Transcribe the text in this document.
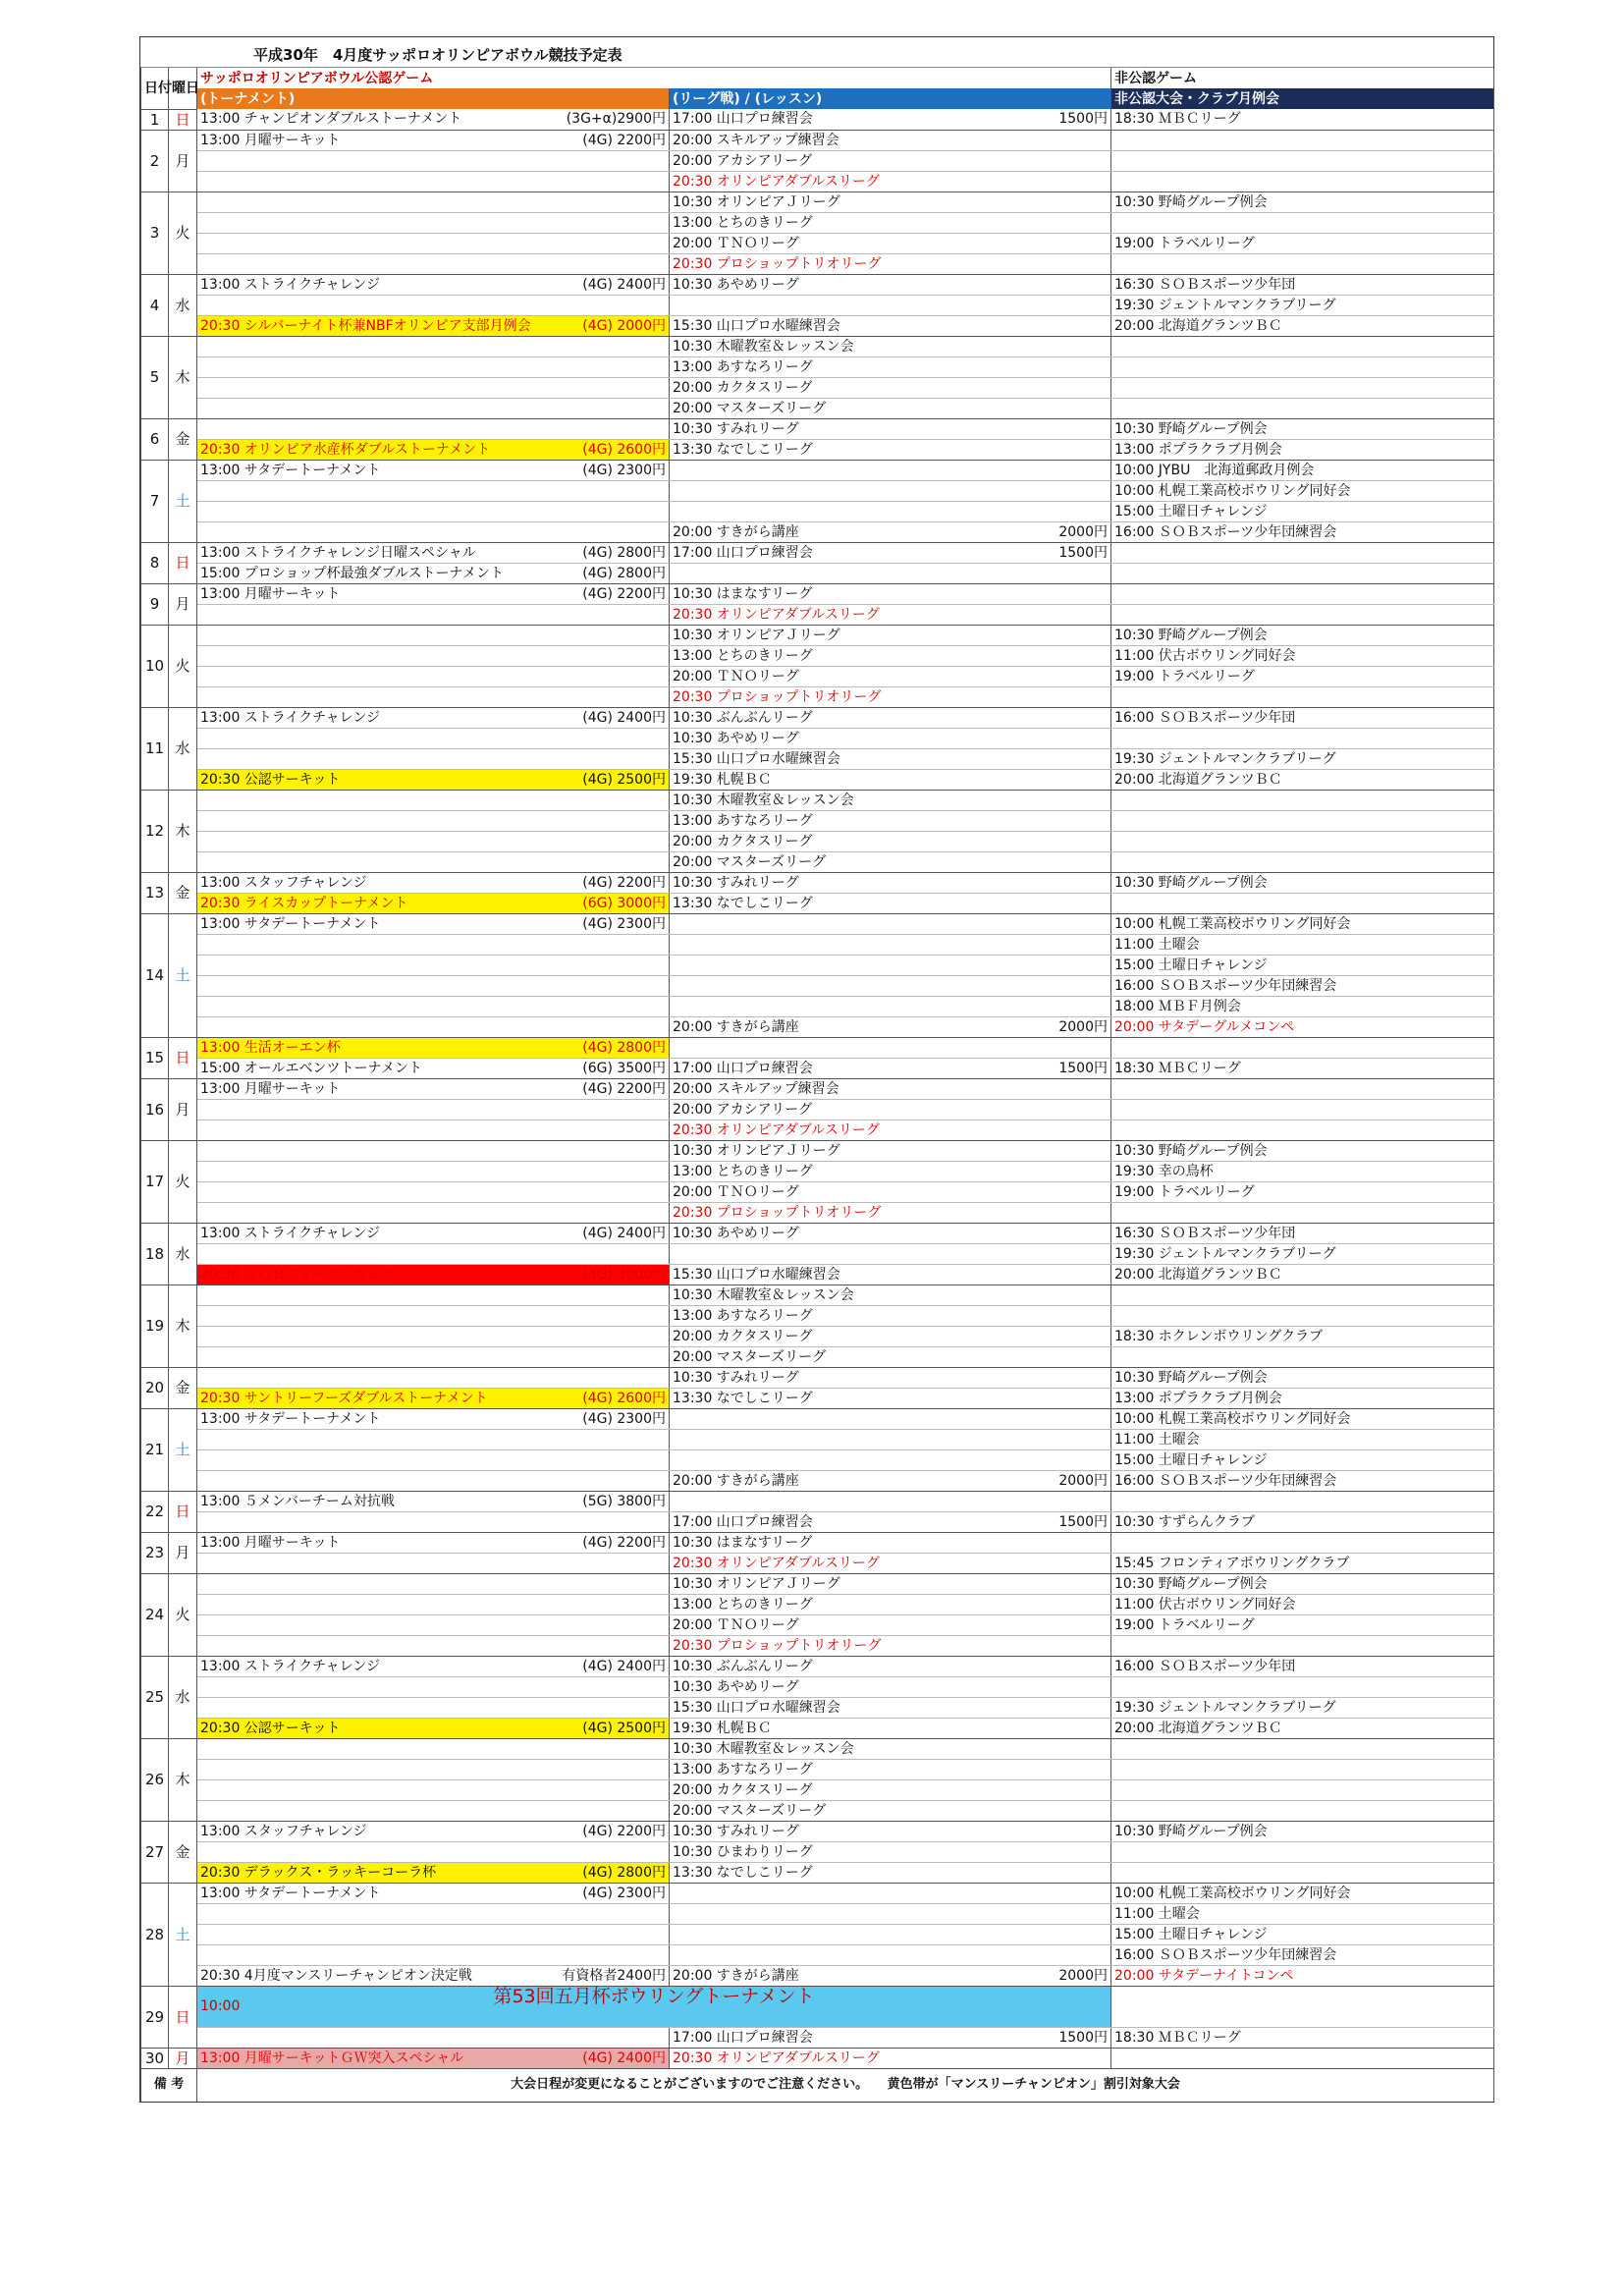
平成30年　4月度サッポロオリンピアボウル競技予定表
日付	曜日	サッポロオリンピアボウル公認ゲーム		非公認ゲーム
		(トーナメント)	(リーグ戦) / (レッスン)	非公認大会・クラブ月例会
1	日	13:00 チャンピオンダブルストーナメント (3G+α)2900円	17:00 山口プロ練習会 1500円	18:30 ＭＢＣリーグ

2	月	13:00 月曜サーキット (4G) 2200円	20:00 スキルアップ練習会	

			20:00 アカシアリーグ	

			20:30 オリンピアダブルスリーグ	

3	火		10:30 オリンピアＪリーグ	10:30 野崎グループ例会

			13:00 とちのきリーグ	

			20:00 ＴＮＯリーグ	19:00 トラベルリーグ

			20:30 プロショップトリオリーグ	

4	水	13:00 ストライクチャレンジ (4G) 2400円	10:30 あやめリーグ	16:30 ＳＯＢスポーツ少年団

				19:30 ジェントルマンクラブリーグ

		20:30 シルバーナイト杯兼NBFオリンピア支部月例会 (4G) 2000円	15:30 山口プロ水曜練習会	20:00 北海道グランツＢＣ

5	木		10:30 木曜教室＆レッスン会	

			13:00 あすなろリーグ	

			20:00 カクタスリーグ	

			20:00 マスターズリーグ	

6	金		10:30 すみれリーグ	10:30 野崎グループ例会

		20:30 オリンピア水産杯ダブルストーナメント (4G) 2600円	13:30 なでしこリーグ	13:00 ポプラクラブ月例会

7	土	13:00 サタデートーナメント (4G) 2300円		10:00 JYBU　北海道郵政月例会

				10:00 札幌工業高校ボウリング同好会

				15:00 土曜日チャレンジ

			20:00 すきがら講座 2000円	16:00 ＳＯＢスポーツ少年団練習会

8	日	13:00 ストライクチャレンジ日曜スペシャル (4G) 2800円	17:00 山口プロ練習会 1500円	

		15:00 プロショップ杯最強ダブルストーナメント (4G) 2800円		

9	月	13:00 月曜サーキット (4G) 2200円	10:30 はまなすリーグ	

			20:30 オリンピアダブルスリーグ	

10	火		10:30 オリンピアＪリーグ	10:30 野崎グループ例会

			13:00 とちのきリーグ	11:00 伏古ボウリング同好会

			20:00 ＴＮＯリーグ	19:00 トラベルリーグ

			20:30 プロショップトリオリーグ	

11	水	13:00 ストライクチャレンジ (4G) 2400円	10:30 ぶんぶんリーグ	16:00 ＳＯＢスポーツ少年団

			10:30 あやめリーグ	

			15:30 山口プロ水曜練習会	19:30 ジェントルマンクラブリーグ

		20:30 公認サーキット (4G) 2500円	19:30 札幌ＢＣ	20:00 北海道グランツＢＣ

12	木		10:30 木曜教室＆レッスン会	

			13:00 あすなろリーグ	

			20:00 カクタスリーグ	

			20:00 マスターズリーグ	

13	金	13:00 スタッフチャレンジ (4G) 2200円	10:30 すみれリーグ	10:30 野崎グループ例会

		20:30 ライスカップトーナメント (6G) 3000円	13:30 なでしこリーグ	

14	土	13:00 サタデートーナメント (4G) 2300円		10:00 札幌工業高校ボウリング同好会

				11:00 土曜会

				15:00 土曜日チャレンジ

				16:00 ＳＯＢスポーツ少年団練習会

				18:00 ＭＢＦ月例会

			20:00 すきがら講座 2000円	20:00 サタデーグルメコンペ

15	日	13:00 生活オーエン杯 (4G) 2800円		

		15:00 オールエベンツトーナメント (6G) 3500円	17:00 山口プロ練習会 1500円	18:30 ＭＢＣリーグ

16	月	13:00 月曜サーキット (4G) 2200円	20:00 スキルアップ練習会	

			20:00 アカシアリーグ	

			20:30 オリンピアダブルスリーグ	

17	火		10:30 オリンピアＪリーグ	10:30 野崎グループ例会

			13:00 とちのきリーグ	19:30 幸の鳥杯

			20:00 ＴＮＯリーグ	19:00 トラベルリーグ

			20:30 プロショップトリオリーグ	

18	水	13:00 ストライクチャレンジ (4G) 2400円	10:30 あやめリーグ	16:30 ＳＯＢスポーツ少年団

				19:30 ジェントルマンクラブリーグ

		20:30 ＳＯＢフォーメンカップ (4G) 3000円	15:30 山口プロ水曜練習会	20:00 北海道グランツＢＣ

19	木		10:30 木曜教室＆レッスン会	

			13:00 あすなろリーグ	

			20:00 カクタスリーグ	18:30 ホクレンボウリングクラブ

			20:00 マスターズリーグ	

20	金		10:30 すみれリーグ	10:30 野崎グループ例会

		20:30 サントリーフーズダブルストーナメント (4G) 2600円	13:30 なでしこリーグ	13:00 ポプラクラブ月例会

21	土	13:00 サタデートーナメント (4G) 2300円		10:00 札幌工業高校ボウリング同好会

				11:00 土曜会

				15:00 土曜日チャレンジ

			20:00 すきがら講座 2000円	16:00 ＳＯＢスポーツ少年団練習会

22	日	13:00 ５メンバーチーム対抗戦 (5G) 3800円		

			17:00 山口プロ練習会 1500円	10:30 すずらんクラブ

23	月	13:00 月曜サーキット (4G) 2200円	10:30 はまなすリーグ	

			20:30 オリンピアダブルスリーグ	15:45 フロンティアボウリングクラブ

24	火		10:30 オリンピアＪリーグ	10:30 野崎グループ例会

			13:00 とちのきリーグ	11:00 伏古ボウリング同好会

			20:00 ＴＮＯリーグ	19:00 トラベルリーグ

			20:30 プロショップトリオリーグ	

25	水	13:00 ストライクチャレンジ (4G) 2400円	10:30 ぶんぶんリーグ	16:00 ＳＯＢスポーツ少年団

			10:30 あやめリーグ	

			15:30 山口プロ水曜練習会	19:30 ジェントルマンクラブリーグ

		20:30 公認サーキット (4G) 2500円	19:30 札幌ＢＣ	20:00 北海道グランツＢＣ

26	木		10:30 木曜教室＆レッスン会	

			13:00 あすなろリーグ	

			20:00 カクタスリーグ	

			20:00 マスターズリーグ	

27	金	13:00 スタッフチャレンジ (4G) 2200円	10:30 すみれリーグ	10:30 野崎グループ例会

			10:30 ひまわりリーグ	

		20:30 デラックス・ラッキーコーラ杯 (4G) 2800円	13:30 なでしこリーグ	

28	土	13:00 サタデートーナメント (4G) 2300円		10:00 札幌工業高校ボウリング同好会

				11:00 土曜会

				15:00 土曜日チャレンジ

				16:00 ＳＯＢスポーツ少年団練習会

		20:30 4月度マンスリーチャンピオン決定戦 有資格者2400円	20:00 すきがら講座 2000円	20:00 サタデーナイトコンペ

29	日	10:00 第53回五月杯ボウリングトーナメント		

			17:00 山口プロ練習会 1500円	18:30 ＭＢＣリーグ

30	月	13:00 月曜サーキットＧＷ突入スペシャル (4G) 2400円	20:30 オリンピアダブルスリーグ	

備 考		大会日程が変更になることがございますのでご注意ください。　　黄色帯が「マンスリーチャンピオン」割引対象大会		
